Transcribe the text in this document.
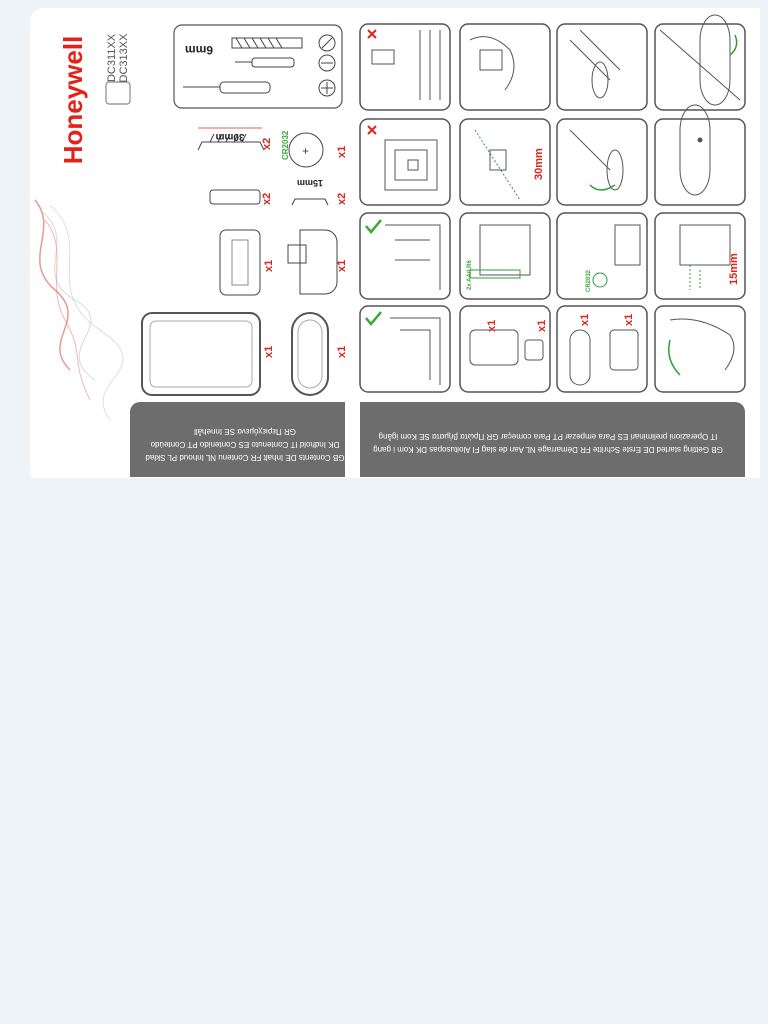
Honeywell DC311XX DC313XX	6mm
30mm
x2
x2
+
CR2032	x1
15mm
x2
x1	x1
x1	x1
GB Contents DE Inhalt FR Contenu NL Inhoud PL Skład
DK Indhold IT Contenuto ES Contenido PT Conteúdo
GR Περιεχόμενα SE Innehåll
GB Getting started DE Erste Schritte FR Démarrage NL Aan de slag FI Aloitusopas DK Kom i gang
IT Operazioni preliminari ES Para empezar PT Para começar GR Πρώτα βήματα SE Kom igång
30mm
15mm
2x AA/LR6	CR2032
x1	x1	x1	x1
